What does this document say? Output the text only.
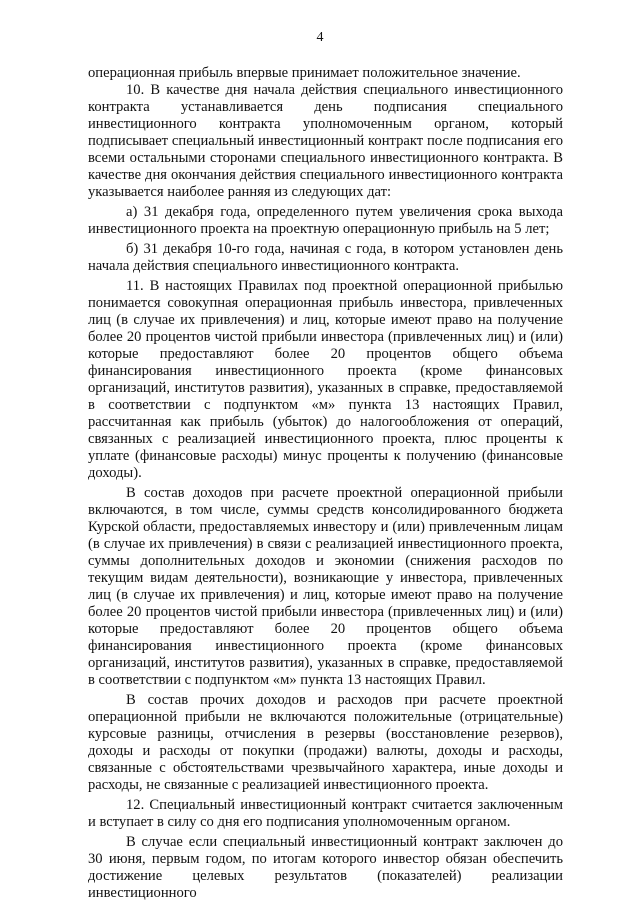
4

операционная прибыль впервые принимает положительное значение.

10. В качестве дня начала действия специального инвестиционного контракта устанавливается день подписания специального инвестиционного контракта уполномоченным органом, который подписывает специальный инвестиционный контракт после подписания его всеми остальными сторонами специального инвестиционного контракта. В качестве дня окончания действия специального инвестиционного контракта указывается наиболее ранняя из следующих дат:

а) 31 декабря года, определенного путем увеличения срока выхода инвестиционного проекта на проектную операционную прибыль на 5 лет;

б) 31 декабря 10-го года, начиная с года, в котором установлен день начала действия специального инвестиционного контракта.

11. В настоящих Правилах под проектной операционной прибылью понимается совокупная операционная прибыль инвестора, привлеченных лиц (в случае их привлечения) и лиц, которые имеют право на получение более 20 процентов чистой прибыли инвестора (привлеченных лиц) и (или) которые предоставляют более 20 процентов общего объема финансирования инвестиционного проекта (кроме финансовых организаций, институтов развития), указанных в справке, предоставляемой в соответствии с подпунктом «м» пункта 13 настоящих Правил, рассчитанная как прибыль (убыток) до налогообложения от операций, связанных с реализацией инвестиционного проекта, плюс проценты к уплате (финансовые расходы) минус проценты к получению (финансовые доходы).

В состав доходов при расчете проектной операционной прибыли включаются, в том числе, суммы средств консолидированного бюджета Курской области, предоставляемых инвестору и (или) привлеченным лицам (в случае их привлечения) в связи с реализацией инвестиционного проекта, суммы дополнительных доходов и экономии (снижения расходов по текущим видам деятельности), возникающие у инвестора, привлеченных лиц (в случае их привлечения) и лиц, которые имеют право на получение более 20 процентов чистой прибыли инвестора (привлеченных лиц) и (или) которые предоставляют более 20 процентов общего объема финансирования инвестиционного проекта (кроме финансовых организаций, институтов развития), указанных в справке, предоставляемой в соответствии с подпунктом «м» пункта 13 настоящих Правил.

В состав прочих доходов и расходов при расчете проектной операционной прибыли не включаются положительные (отрицательные) курсовые разницы, отчисления в резервы (восстановление резервов), доходы и расходы от покупки (продажи) валюты, доходы и расходы, связанные с обстоятельствами чрезвычайного характера, иные доходы и расходы, не связанные с реализацией инвестиционного проекта.

12. Специальный инвестиционный контракт считается заключенным и вступает в силу со дня его подписания уполномоченным органом.

В случае если специальный инвестиционный контракт заключен до 30 июня, первым годом, по итогам которого инвестор обязан обеспечить достижение целевых результатов (показателей) реализации инвестиционного
